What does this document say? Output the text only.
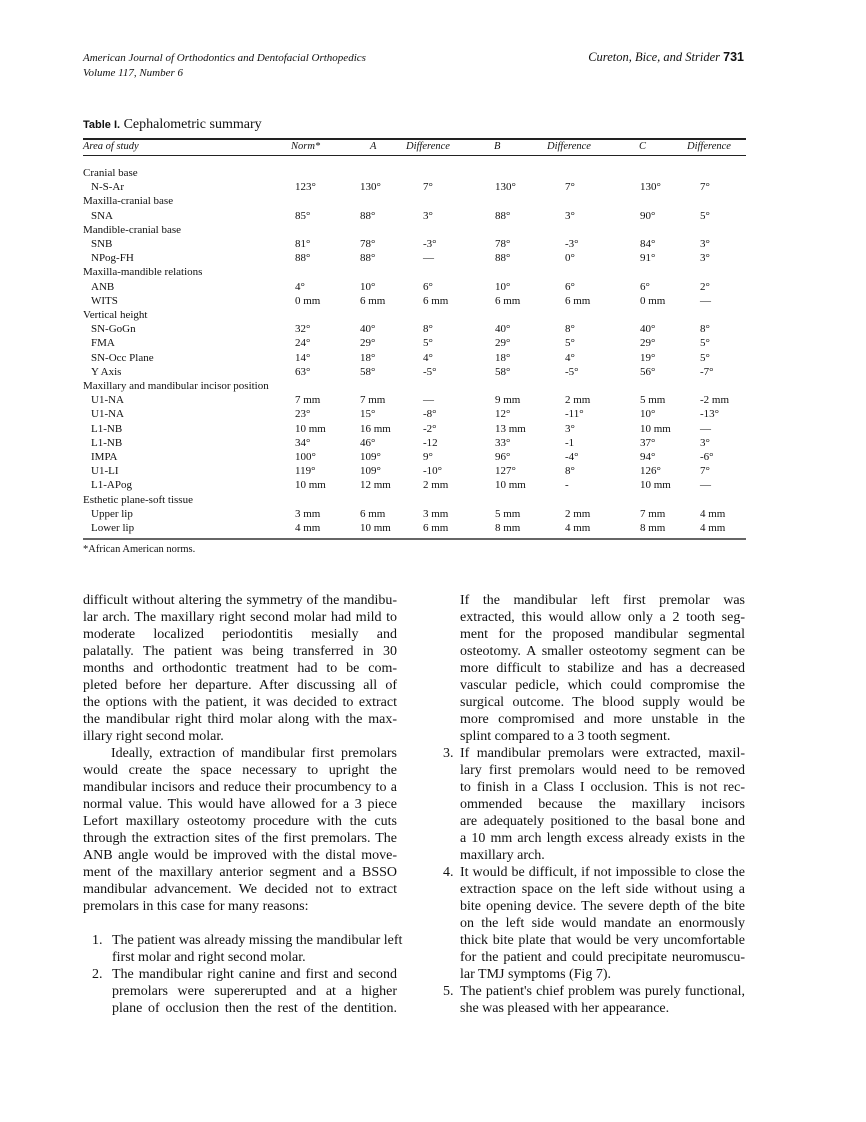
American Journal of Orthodontics and Dentofacial Orthopedics
Volume 117, Number 6
Cureton, Bice, and Strider 731
Table I. Cephalometric summary
Area of study	Norm*	A	Difference	B	Difference	C	Difference
Cranial base
N-S-Ar	123°	130°	7°	130°	7°	130°	7°
Maxilla-cranial base
SNA	85°	88°	3°	88°	3°	90°	5°
Mandible-cranial base
SNB	81°	78°	-3°	78°	-3°	84°	3°
NPog-FH	88°	88°	—	88°	0°	91°	3°
Maxilla-mandible relations
ANB	4°	10°	6°	10°	6°	6°	2°
WITS	0 mm	6 mm	6 mm	6 mm	6 mm	0 mm	—
Vertical height
SN-GoGn	32°	40°	8°	40°	8°	40°	8°
FMA	24°	29°	5°	29°	5°	29°	5°
SN-Occ Plane	14°	18°	4°	18°	4°	19°	5°
Y Axis	63°	58°	-5°	58°	-5°	56°	-7°
Maxillary and mandibular incisor position
U1-NA	7 mm	7 mm	—	9 mm	2 mm	5 mm	-2 mm
U1-NA	23°	15°	-8°	12°	-11°	10°	-13°
L1-NB	10 mm	16 mm	-2°	13 mm	3°	10 mm	—
L1-NB	34°	46°	-12	33°	-1	37°	3°
IMPA	100°	109°	9°	96°	-4°	94°	-6°
U1-LI	119°	109°	-10°	127°	8°	126°	7°
L1-APog	10 mm	12 mm	2 mm	10 mm	-	10 mm	—
Esthetic plane-soft tissue
Upper lip	3 mm	6 mm	3 mm	5 mm	2 mm	7 mm	4 mm
Lower lip	4 mm	10 mm	6 mm	8 mm	4 mm	8 mm	4 mm
*African American norms.
difficult without altering the symmetry of the mandibu-
lar arch. The maxillary right second molar had mild to
moderate localized periodontitis mesially and
palatally. The patient was being transferred in 30
months and orthodontic treatment had to be com-
pleted before her departure. After discussing all of
the options with the patient, it was decided to extract
the mandibular right third molar along with the max-
illary right second molar.
Ideally, extraction of mandibular first premolars
would create the space necessary to upright the
mandibular incisors and reduce their procumbency to a
normal value. This would have allowed for a 3 piece
Lefort maxillary osteotomy procedure with the cuts
through the extraction sites of the first premolars. The
ANB angle would be improved with the distal move-
ment of the maxillary anterior segment and a BSSO
mandibular advancement. We decided not to extract
premolars in this case for many reasons:
1. The patient was already missing the mandibular left
first molar and right second molar.
2. The mandibular right canine and first and second
premolars were supererupted and at a higher
plane of occlusion then the rest of the dentition.
If the mandibular left first premolar was
extracted, this would allow only a 2 tooth seg-
ment for the proposed mandibular segmental
osteotomy. A smaller osteotomy segment can be
more difficult to stabilize and has a decreased
vascular pedicle, which could compromise the
surgical outcome. The blood supply would be
more compromised and more unstable in the
splint compared to a 3 tooth segment.
3. If mandibular premolars were extracted, maxil-
lary first premolars would need to be removed
to finish in a Class I occlusion. This is not rec-
ommended because the maxillary incisors
are adequately positioned to the basal bone and
a 10 mm arch length excess already exists in the
maxillary arch.
4. It would be difficult, if not impossible to close the
extraction space on the left side without using a
bite opening device. The severe depth of the bite
on the left side would mandate an enormously
thick bite plate that would be very uncomfortable
for the patient and could precipitate neuromuscu-
lar TMJ symptoms (Fig 7).
5. The patient's chief problem was purely functional,
she was pleased with her appearance.
